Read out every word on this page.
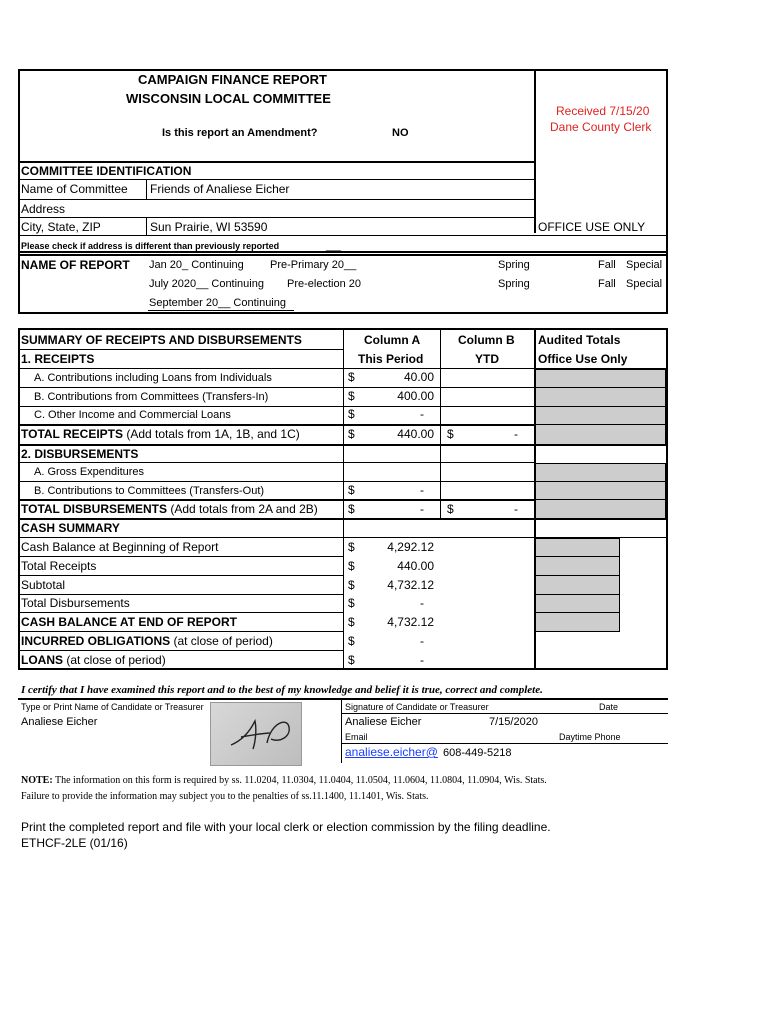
CAMPAIGN FINANCE REPORT
WISCONSIN LOCAL COMMITTEE
Is this report an Amendment?	NO
Received 7/15/20
Dane County Clerk
COMMITTEE IDENTIFICATION
Name of Committee Friends of Analiese Eicher
Address
City, State, ZIP	Sun Prairie, WI 53590	OFFICE USE ONLY
Please check if address is different than previously reported	___
NAME OF REPORT Jan 20_ Continuing Pre-Primary 20__	Spring	Fall Special
July 2020__ Continuing Pre-election 20	Spring	Fall Special
September 20__ Continuing
SUMMARY OF RECEIPTS AND DISBURSEMENTS	Column A	Column B Audited Totals
1. RECEIPTS	This Period	YTD	Office Use Only
A. Contributions including Loans from Individuals	$	40.00
B. Contributions from Committees (Transfers-In)	$	400.00
C. Other Income and Commercial Loans	$	-
TOTAL RECEIPTS (Add totals from 1A, 1B, and 1C)	$	440.00 $	-
2. DISBURSEMENTS
A. Gross Expenditures
B. Contributions to Committees (Transfers-Out)	$	-
TOTAL DISBURSEMENTS (Add totals from 2A and 2B)	$	- $	-
CASH SUMMARY
Cash Balance at Beginning of Report	$	4,292.12
Total Receipts	$	440.00
Subtotal	$	4,732.12
Total Disbursements	$	-
CASH BALANCE AT END OF REPORT	$	4,732.12
INCURRED OBLIGATIONS (at close of period)	$	-
LOANS (at close of period)	$	-
I certify that I have examined this report and to the best of my knowledge and belief it is true, correct and complete.
Type or Print Name of Candidate or Treasurer
Analiese Eicher
Signature of Candidate or Treasurer	Date
Analiese Eicher	7/15/2020
Email	Daytime Phone
analiese.eicher@ 608-449-5218
NOTE: The information on this form is required by ss. 11.0204, 11.0304, 11.0404, 11.0504, 11.0604, 11.0804, 11.0904, Wis. Stats.
Failure to provide the information may subject you to the penalties of ss.11.1400, 11.1401, Wis. Stats.
Print the completed report and file with your local clerk or election commission by the filing deadline.
ETHCF-2LE (01/16)
